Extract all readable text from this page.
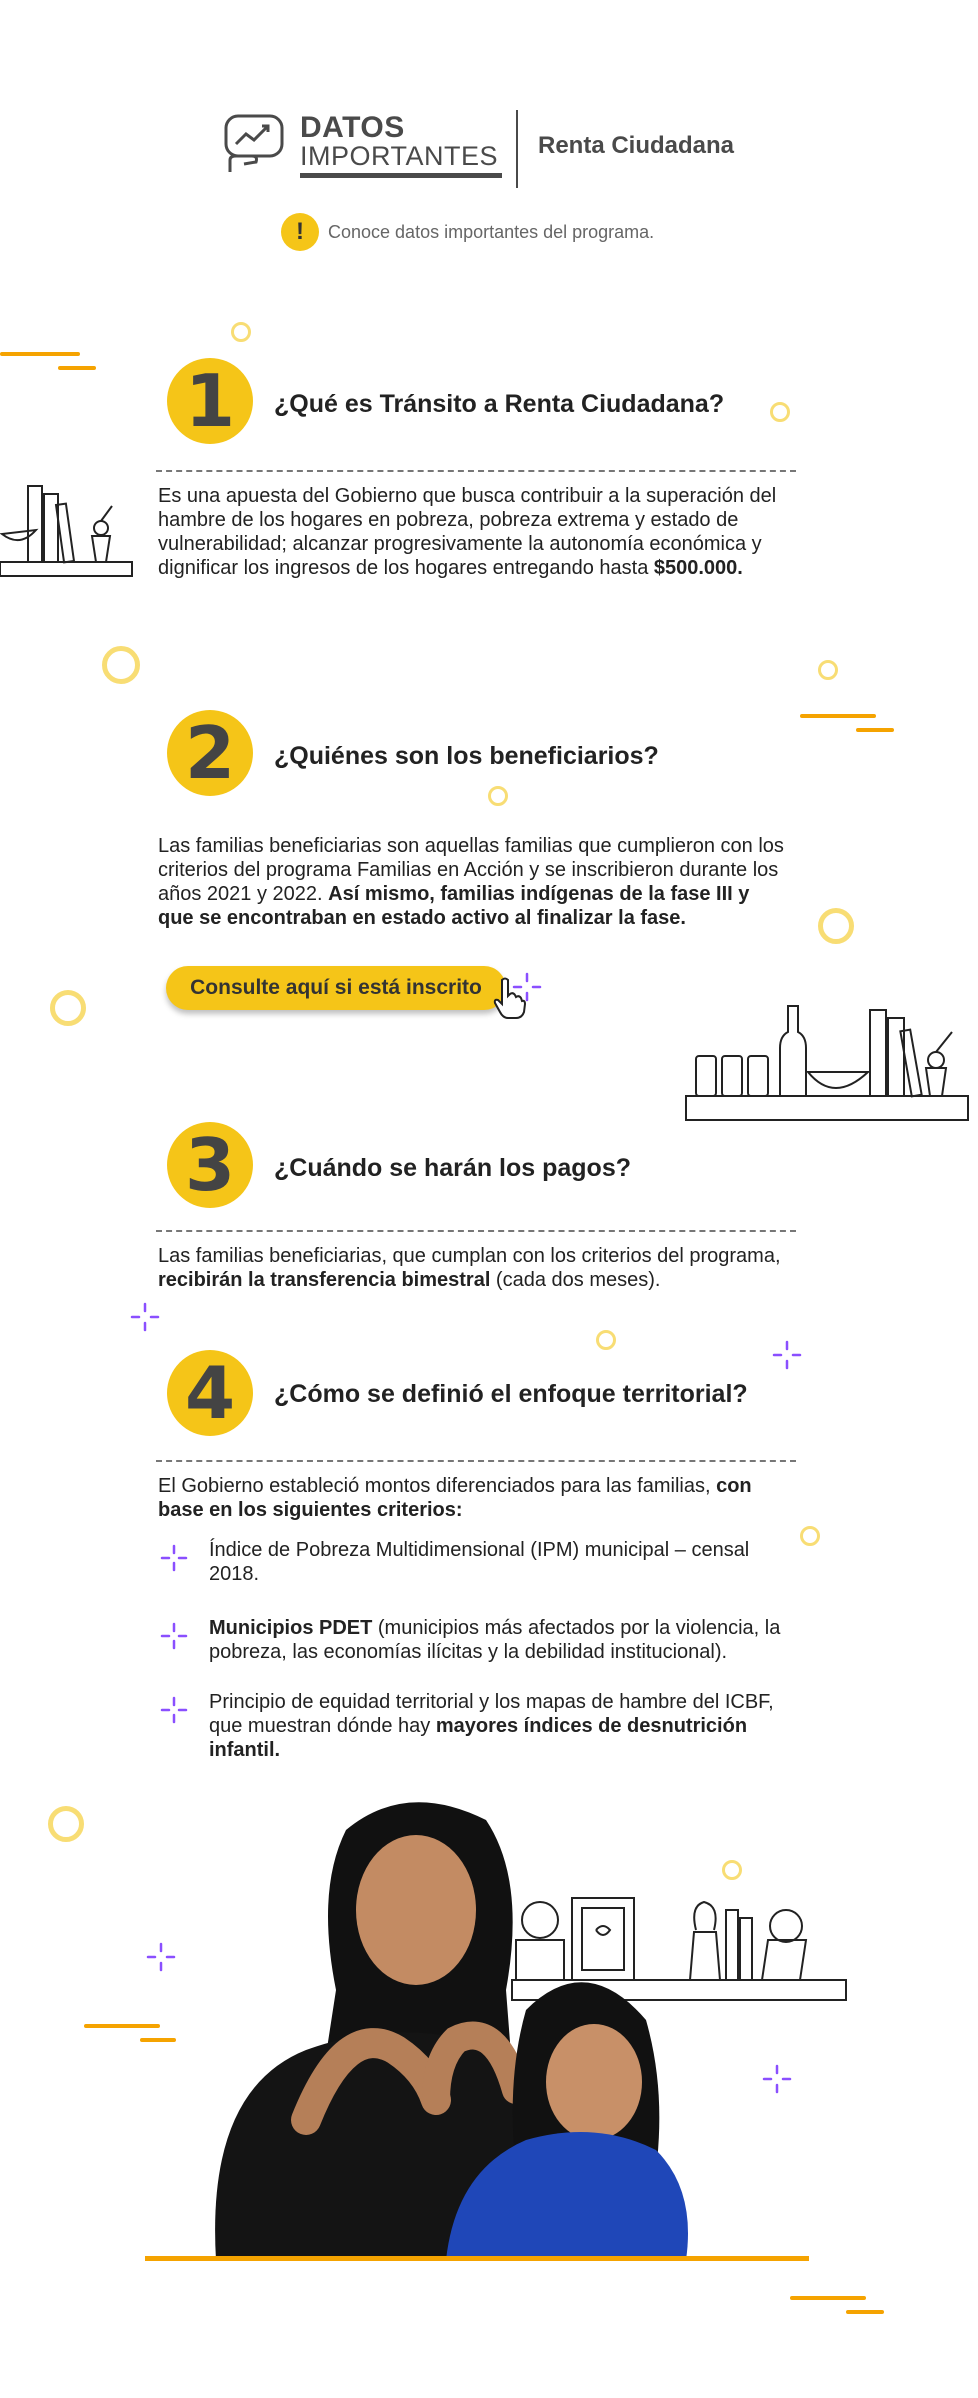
DATOS
IMPORTANTES Renta Ciudadana
!	Conoce datos importantes del programa.
1	¿Qué es Tránsito a Renta Ciudadana?
Es una apuesta del Gobierno que busca contribuir a la superación del hambre de los hogares en pobreza, pobreza extrema y estado de vulnerabilidad; alcanzar progresivamente la autonomía económica y dignificar los ingresos de los hogares entregando hasta $500.000.
2	¿Quiénes son los beneficiarios?
Las familias beneficiarias son aquellas familias que cumplieron con los criterios del programa Familias en Acción y se inscribieron durante los años 2021 y 2022. Así mismo, familias indígenas de la fase III y que se encontraban en estado activo al finalizar la fase.
Consulte aquí si está inscrito
3	¿Cuándo se harán los pagos?
Las familias beneficiarias, que cumplan con los criterios del programa, recibirán la transferencia bimestral (cada dos meses).
4	¿Cómo se definió el enfoque territorial?
El Gobierno estableció montos diferenciados para las familias, con base en los siguientes criterios:
Índice de Pobreza Multidimensional (IPM) municipal – censal 2018.
Municipios PDET (municipios más afectados por la violencia, la pobreza, las economías ilícitas y la debilidad institucional).
Principio de equidad territorial y los mapas de hambre del ICBF, que muestran dónde hay mayores índices de desnutrición infantil.
